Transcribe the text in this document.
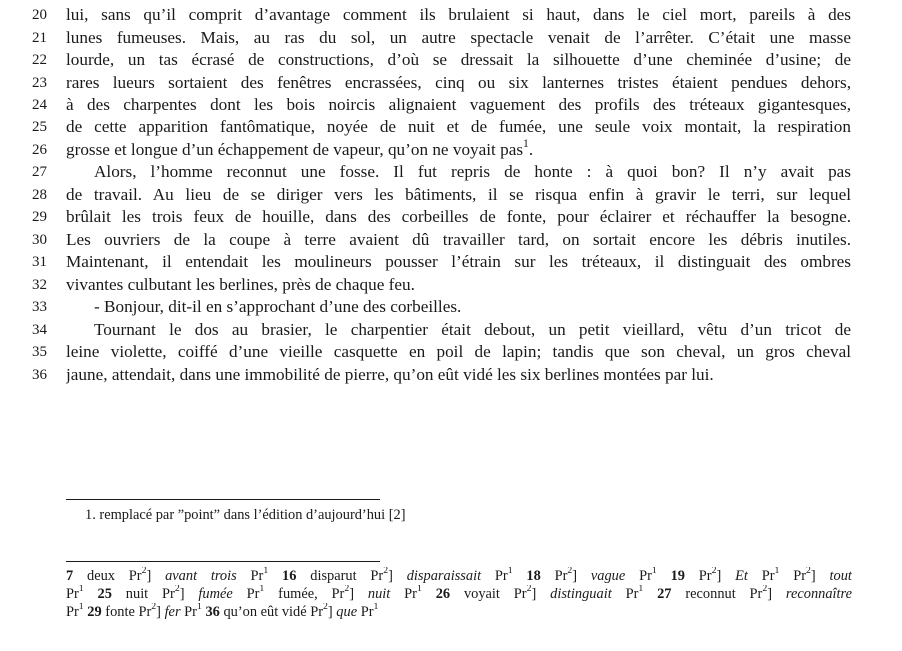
20 lui, sans qu’il comprit d’avantage comment ils brulaient si haut, dans le ciel mort, pareils à des
21 lunes fumeuses. Mais, au ras du sol, un autre spectacle venait de l’arrêter. C’était une masse
22 lourde, un tas écrasé de constructions, d’où se dressait la silhouette d’une cheminée d’usine; de
23 rares lueurs sortaient des fenêtres encrassées, cinq ou six lanternes tristes étaient pendues dehors,
24 à des charpentes dont les bois noircis alignaient vaguement des profils des tréteaux gigantesques,
25 de cette apparition fantômatique, noyée de nuit et de fumée, une seule voix montait, la respiration
26 grosse et longue d’un échappement de vapeur, qu’on ne voyait pas$^1$.
27	Alors, l’homme reconnut une fosse. Il fut repris de honte : à quoi bon? Il n’y avait pas
28 de travail. Au lieu de se diriger vers les bâtiments, il se risqua enfin à gravir le terri, sur lequel
29 brûlait les trois feux de houille, dans des corbeilles de fonte, pour éclairer et réchauffer la besogne.
30 Les ouvriers de la coupe à terre avaient dû travailler tard, on sortait encore les débris inutiles.
31 Maintenant, il entendait les moulineurs pousser l’étrain sur les tréteaux, il distinguait des ombres
32 vivantes culbutant les berlines, près de chaque feu.
33	- Bonjour, dit-il en s’approchant d’une des corbeilles.
34	Tournant le dos au brasier, le charpentier était debout, un petit vieillard, vêtu d’un tricot de
35 leine violette, coiffé d’une vieille casquette en poil de lapin; tandis que son cheval, un gros cheval
36 jaune, attendait, dans une immobilité de pierre, qu’on eût vidé les six berlines montées par lui.
1. remplacé par ”point” dans l’édition d’aujourd’hui [2]
7 deux Pr$^2$] avant trois Pr$^1$ 16 disparut Pr$^2$] disparaissait Pr$^1$ 18 Pr$^2$] vague Pr$^1$ 19 Pr$^2$] Et Pr$^1$ Pr$^2$] tout
Pr$^1$ 25 nuit Pr$^2$] fumée Pr$^1$ fumée, Pr$^2$] nuit Pr$^1$ 26 voyait Pr$^2$] distinguait Pr$^1$ 27 reconnut Pr$^2$] reconnaître
Pr$^1$ 29 fonte Pr$^2$] fer Pr$^1$ 36 qu’on eût vidé Pr$^2$] que Pr$^1$
